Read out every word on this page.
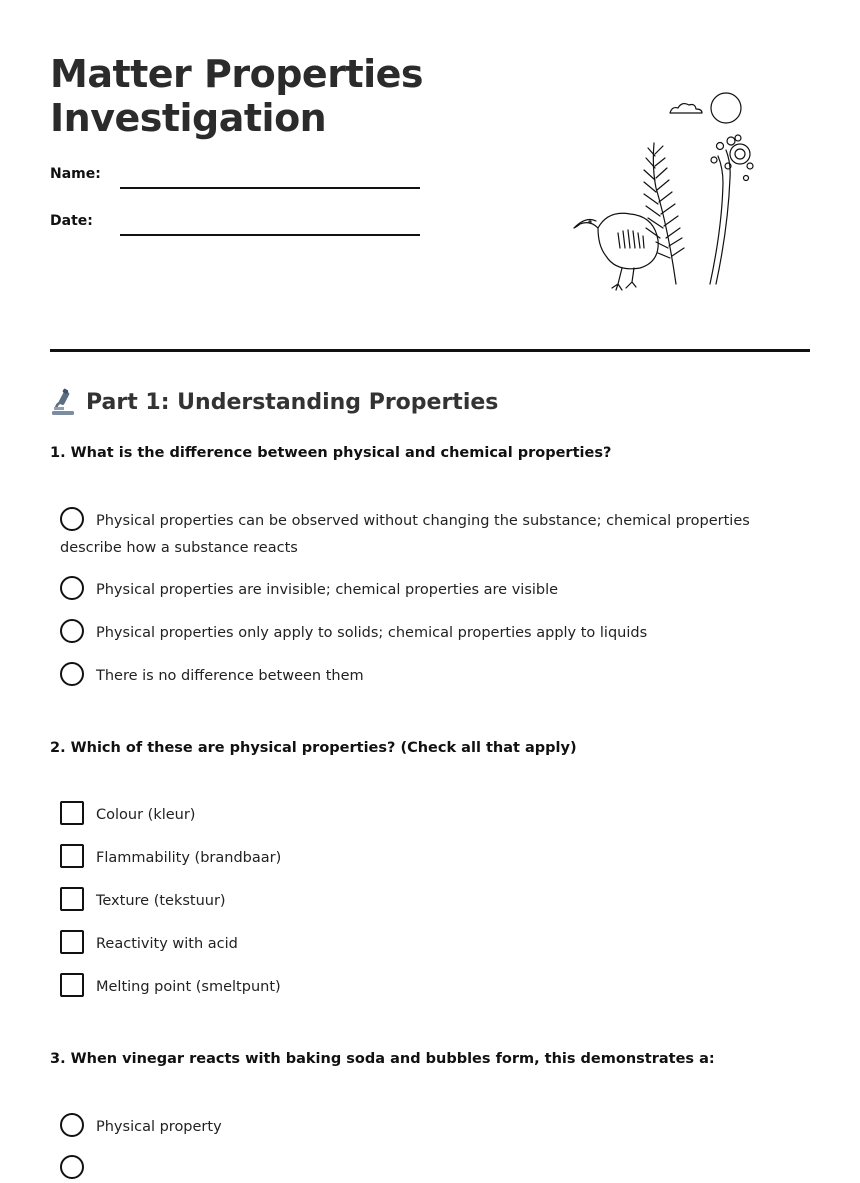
Matter Properties
Investigation
Name:
Date:
Part 1: Understanding Properties

1. What is the difference between physical and chemical properties?

Physical properties can be observed without changing the substance; chemical properties describe how a substance reacts
Physical properties are invisible; chemical properties are visible
Physical properties only apply to solids; chemical properties apply to liquids
There is no difference between them

2. Which of these are physical properties? (Check all that apply)

Colour (kleur)
Flammability (brandbaar)
Texture (tekstuur)
Reactivity with acid
Melting point (smeltpunt)

3. When vinegar reacts with baking soda and bubbles form, this demonstrates a:

Physical property
